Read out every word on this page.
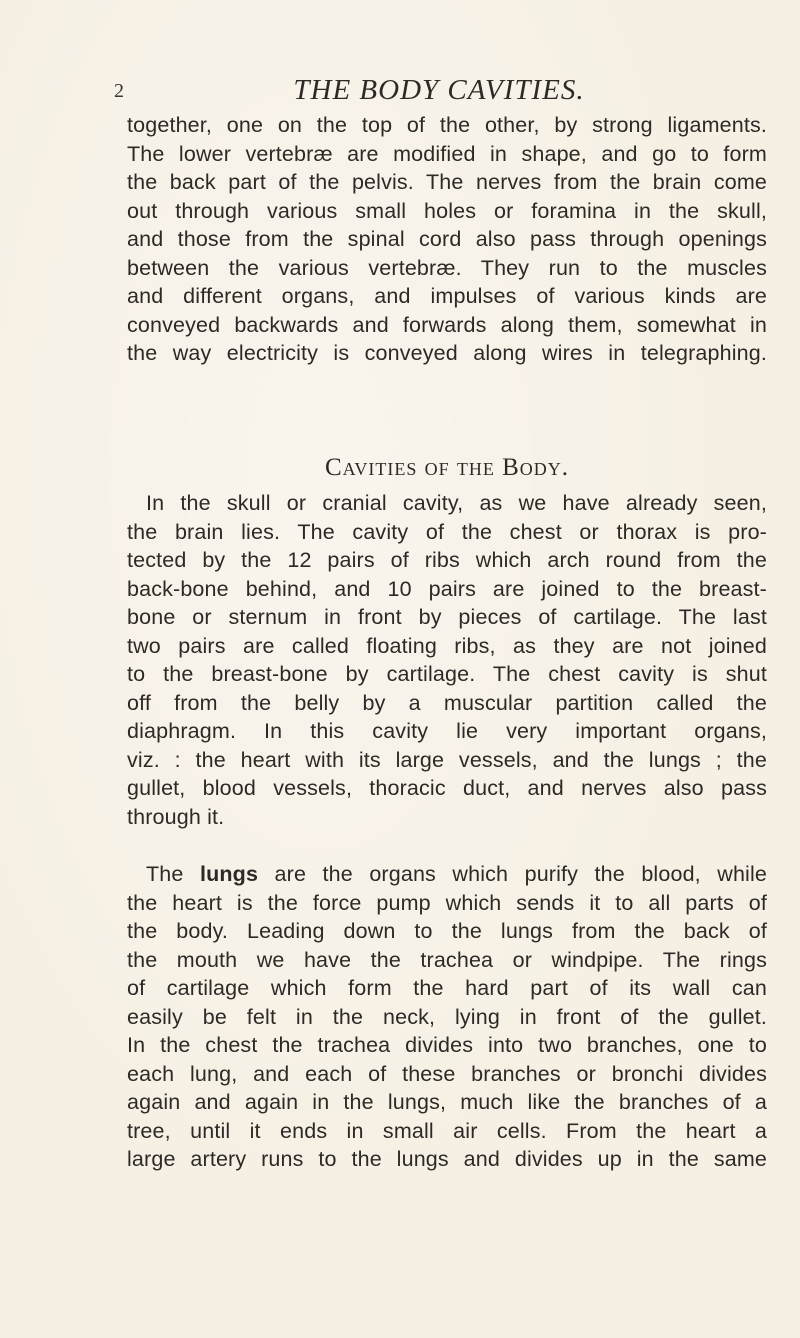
2	THE BODY CAVITIES.

together, one on the top of the other, by strong ligaments.
The lower vertebræ are modified in shape, and go to form
the back part of the pelvis. The nerves from the brain come
out through various small holes or foramina in the skull,
and those from the spinal cord also pass through openings
between the various vertebræ. They run to the muscles
and different organs, and impulses of various kinds are
conveyed backwards and forwards along them, somewhat in
the way electricity is conveyed along wires in telegraphing.

Cavities of the Body.

In the skull or cranial cavity, as we have already seen,
the brain lies. The cavity of the chest or thorax is pro-
tected by the 12 pairs of ribs which arch round from the
back-bone behind, and 10 pairs are joined to the breast-
bone or sternum in front by pieces of cartilage. The last
two pairs are called floating ribs, as they are not joined
to the breast-bone by cartilage. The chest cavity is shut
off from the belly by a muscular partition called the
diaphragm. In this cavity lie very important organs,
viz. : the heart with its large vessels, and the lungs ; the
gullet, blood vessels, thoracic duct, and nerves also pass
through it.

The lungs are the organs which purify the blood, while
the heart is the force pump which sends it to all parts of
the body. Leading down to the lungs from the back of
the mouth we have the trachea or windpipe. The rings
of cartilage which form the hard part of its wall can
easily be felt in the neck, lying in front of the gullet.
In the chest the trachea divides into two branches, one to
each lung, and each of these branches or bronchi divides
again and again in the lungs, much like the branches of a
tree, until it ends in small air cells. From the heart a
large artery runs to the lungs and divides up in the same
